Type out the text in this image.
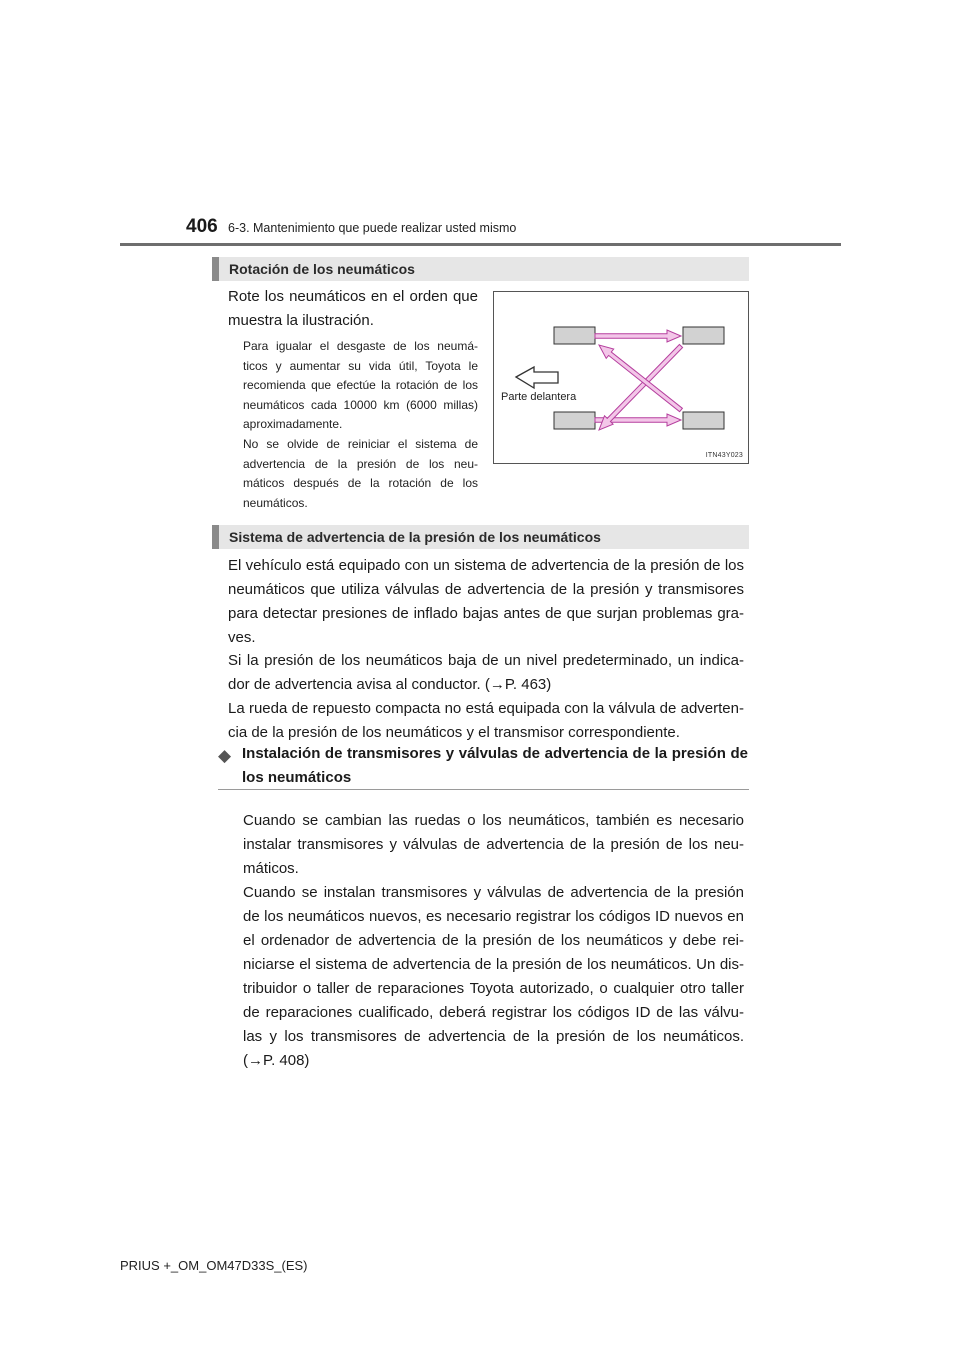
406 6-3. Mantenimiento que puede realizar usted mismo
Rotación de los neumáticos

Rote los neumáticos en el orden que muestra la ilustración.

Para igualar el desgaste de los neumá- ticos y aumentar su vida útil, Toyota le recomienda que efectúe la rotación de los neumáticos cada 10000 km (6000 millas) aproximadamente.

No se olvide de reiniciar el sistema de advertencia de la presión de los neu- máticos después de la rotación de los neumáticos.

Parte delantera
ITN43Y023
Sistema de advertencia de la presión de los neumáticos

El vehículo está equipado con un sistema de advertencia de la presión de los neumáticos que utiliza válvulas de advertencia de la presión y transmisores para detectar presiones de inflado bajas antes de que surjan problemas gra- ves.

Si la presión de los neumáticos baja de un nivel predeterminado, un indica- dor de advertencia avisa al conductor. (→P. 463)

La rueda de repuesto compacta no está equipada con la válvula de adverten- cia de la presión de los neumáticos y el transmisor correspondiente.

◆ Instalación de transmisores y válvulas de advertencia de la presión de los neumáticos

Cuando se cambian las ruedas o los neumáticos, también es necesario instalar transmisores y válvulas de advertencia de la presión de los neu- máticos.

Cuando se instalan transmisores y válvulas de advertencia de la presión de los neumáticos nuevos, es necesario registrar los códigos ID nuevos en el ordenador de advertencia de la presión de los neumáticos y debe rei- niciarse el sistema de advertencia de la presión de los neumáticos. Un dis- tribuidor o taller de reparaciones Toyota autorizado, o cualquier otro taller de reparaciones cualificado, deberá registrar los códigos ID de las válvu- las y los transmisores de advertencia de la presión de los neumáticos. (→P. 408)

PRIUS +_OM_OM47D33S_(ES)
